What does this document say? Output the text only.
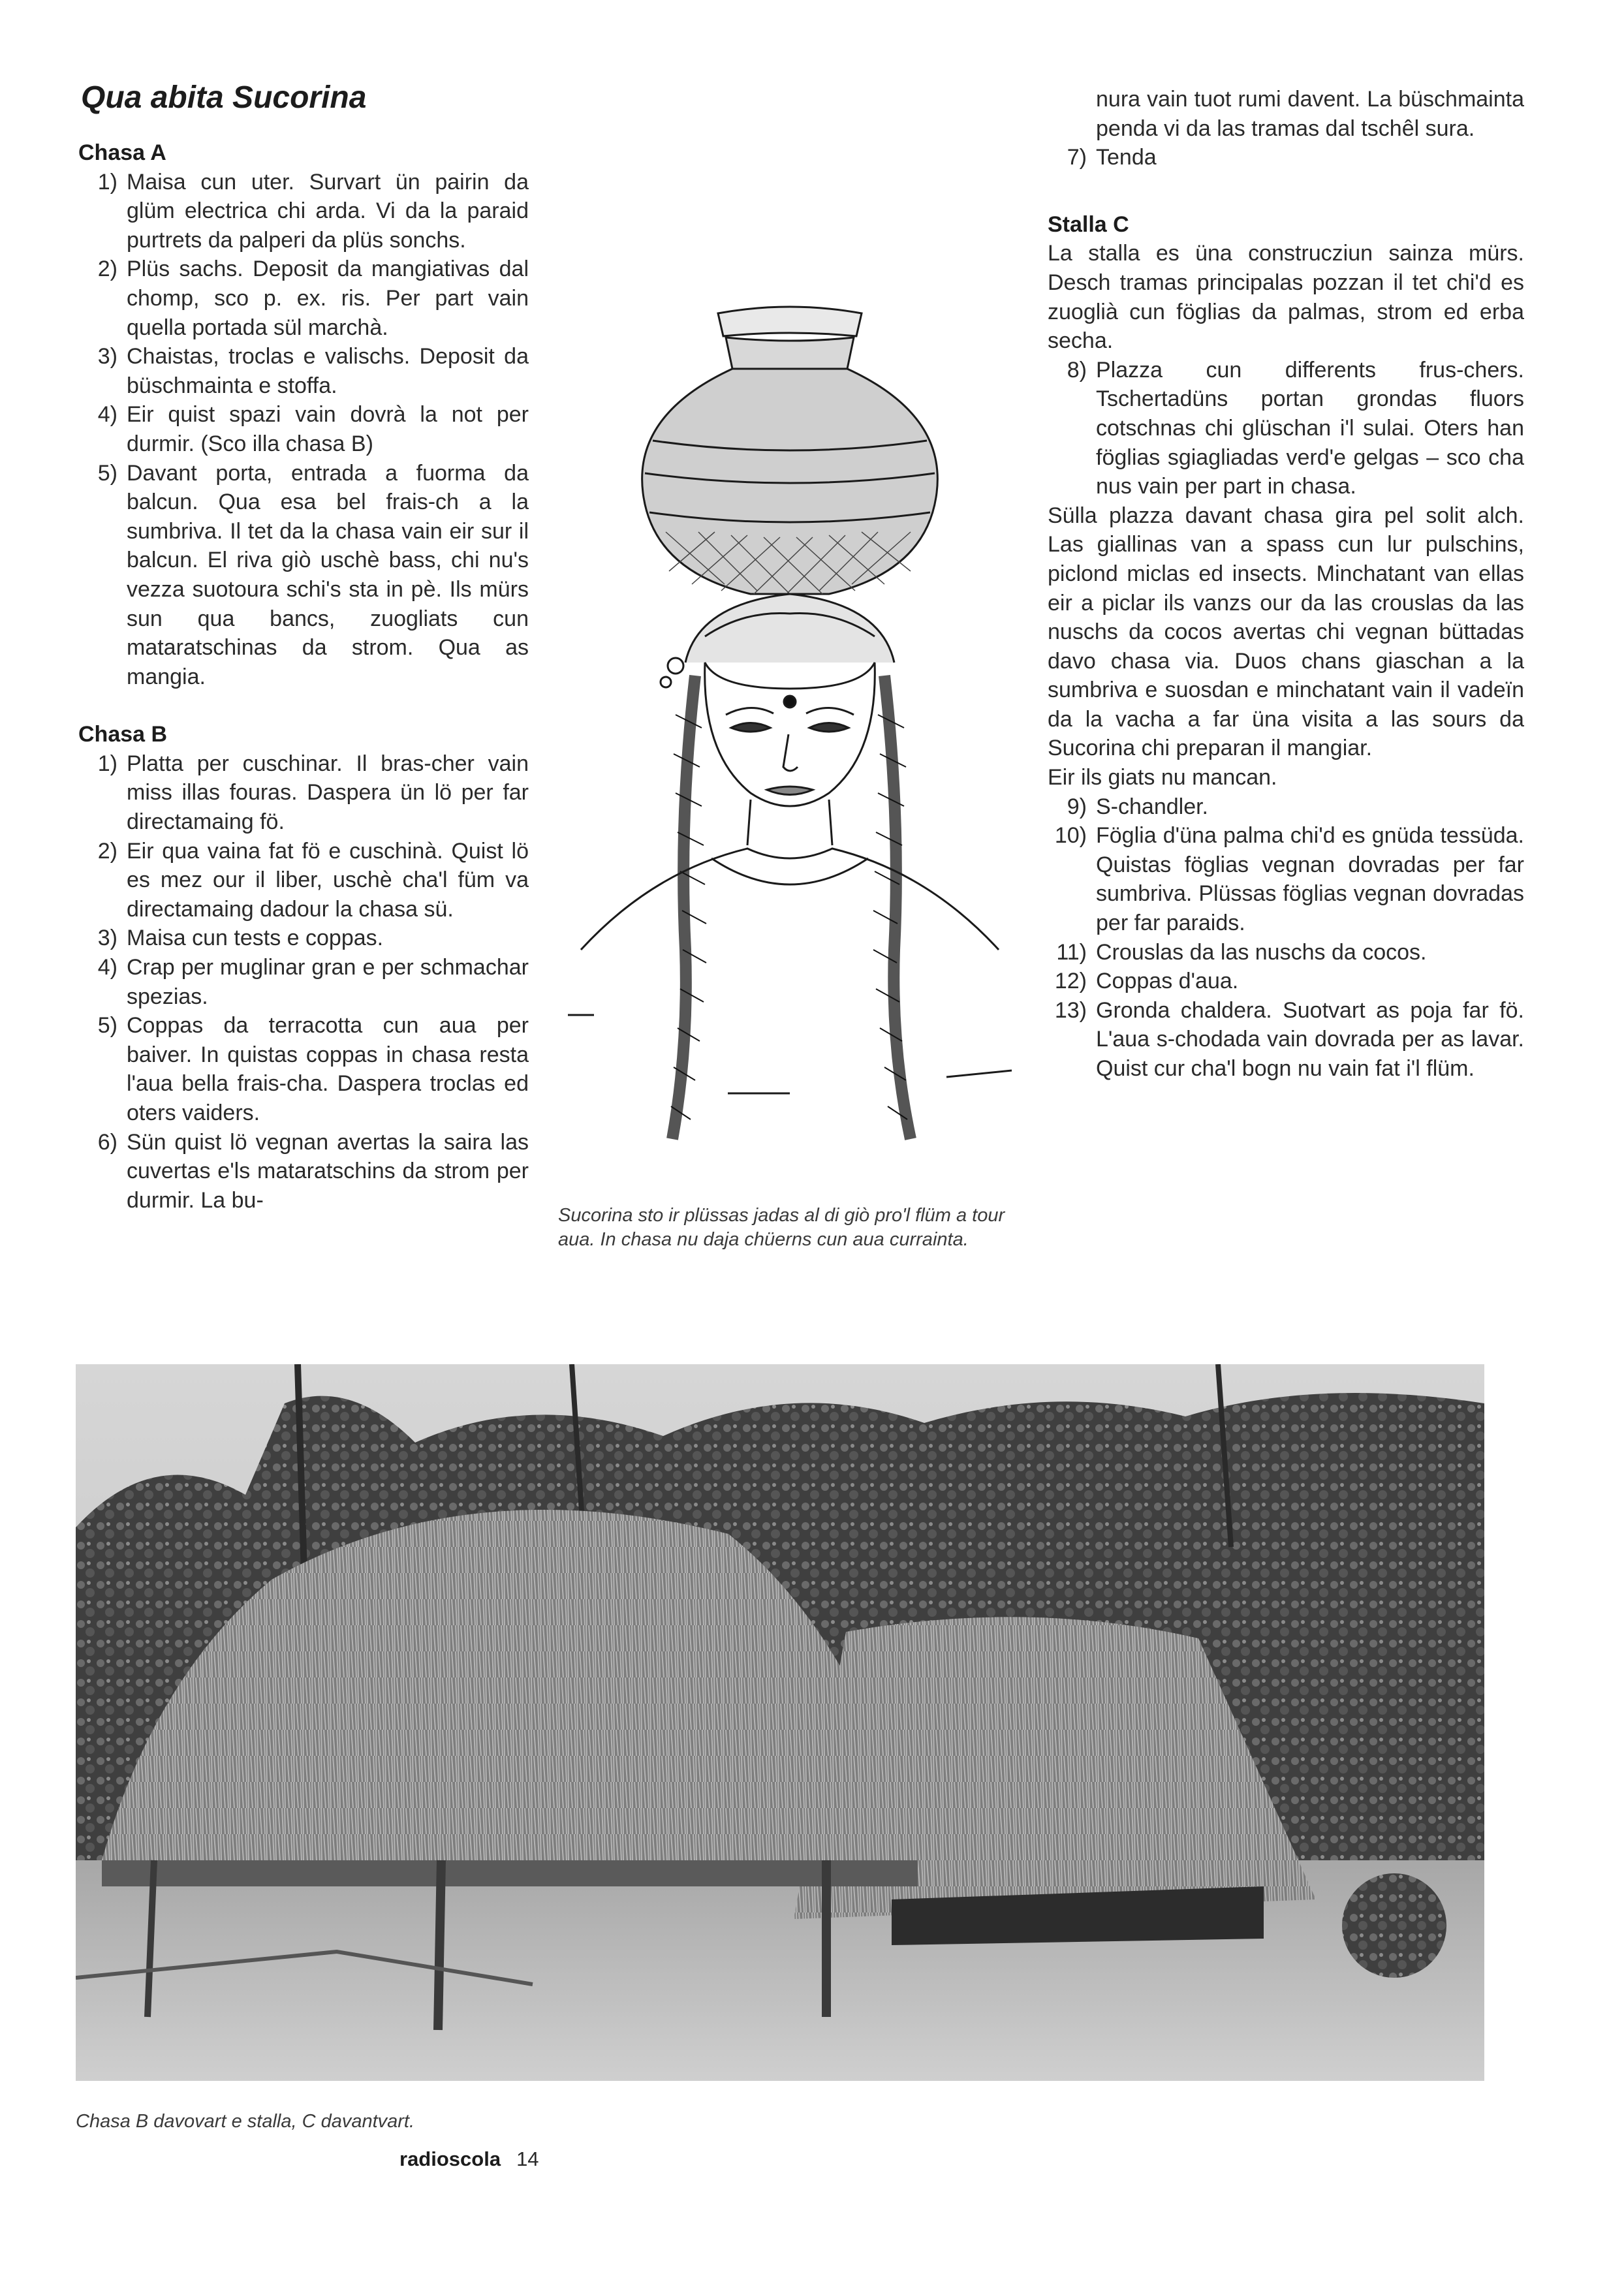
Qua abita Sucorina

Chasa A

1) Maisa cun uter. Survart ün pairin da glüm electrica chi arda. Vi da la paraid purtrets da palperi da plüs sonchs.
2) Plüs sachs. Deposit da mangiativas dal chomp, sco p. ex. ris. Per part vain quella portada sül marchà.
3) Chaistas, troclas e valischs. Deposit da büschmainta e stoffa.
4) Eir quist spazi vain dovrà la not per durmir. (Sco illa chasa B)
5) Davant porta, entrada a fuorma da balcun. Qua esa bel frais-ch a la sumbriva. Il tet da la chasa vain eir sur il balcun. El riva giò uschè bass, chi nu's vezza suotoura schi's sta in pè. Ils mürs sun qua bancs, zuogliats cun mataratschinas da strom. Qua as mangia.

Chasa B

1) Platta per cuschinar. Il bras-cher vain miss illas fouras. Daspera ün lö per far directamaing fö.
2) Eir qua vaina fat fö e cuschinà. Quist lö es mez our il liber, uschè cha'l füm va directamaing dadour la chasa sü.
3) Maisa cun tests e coppas.
4) Crap per muglinar gran e per schmachar spezias.
5) Coppas da terracotta cun aua per baiver. In quistas coppas in chasa resta l'aua bella frais-cha. Daspera troclas ed oters vaiders.
6) Sün quist lö vegnan avertas la saira las cuvertas e'ls mataratschins da strom per durmir. La bu-

Sucorina sto ir plüssas jadas al di giò pro'l flüm a tour aua. In chasa nu daja chüerns cun aua currainta.

nura vain tuot rumi davent. La büschmainta penda vi da las tramas dal tschêl sura.
7) Tenda

Stalla C

La stalla es üna construcziun sainza mürs. Desch tramas principalas pozzan il tet chi'd es zuoglià cun föglias da palmas, strom ed erba secha.

8) Plazza cun differents frus-chers. Tschertadüns portan grondas fluors cotschnas chi glüschan i'l sulai. Oters han föglias sgiagliadas verd'e gelgas – sco cha nus vain per part in chasa.

Sülla plazza davant chasa gira pel solit alch. Las giallinas van a spass cun lur pulschins, piclond miclas ed insects. Minchatant van ellas eir a piclar ils vanzs our da las crouslas da las nuschs da cocos avertas chi vegnan büttadas davo chasa via. Duos chans giaschan a la sumbriva e suosdan e minchatant vain il vadeïn da la vacha a far üna visita a las sours da Sucorina chi preparan il mangiar.

Eir ils giats nu mancan.

9) S-chandler.
10) Föglia d'üna palma chi'd es gnüda tessüda. Quistas föglias vegnan dovradas per far sumbriva. Plüssas föglias vegnan dovradas per far paraids.
11) Crouslas da las nuschs da cocos.
12) Coppas d'aua.
13) Gronda chaldera. Suotvart as poja far fö. L'aua s-chodada vain dovrada per as lavar. Quist cur cha'l bogn nu vain fat i'l flüm.

Chasa B davovart e stalla, C davantvart.

radioscola 14
